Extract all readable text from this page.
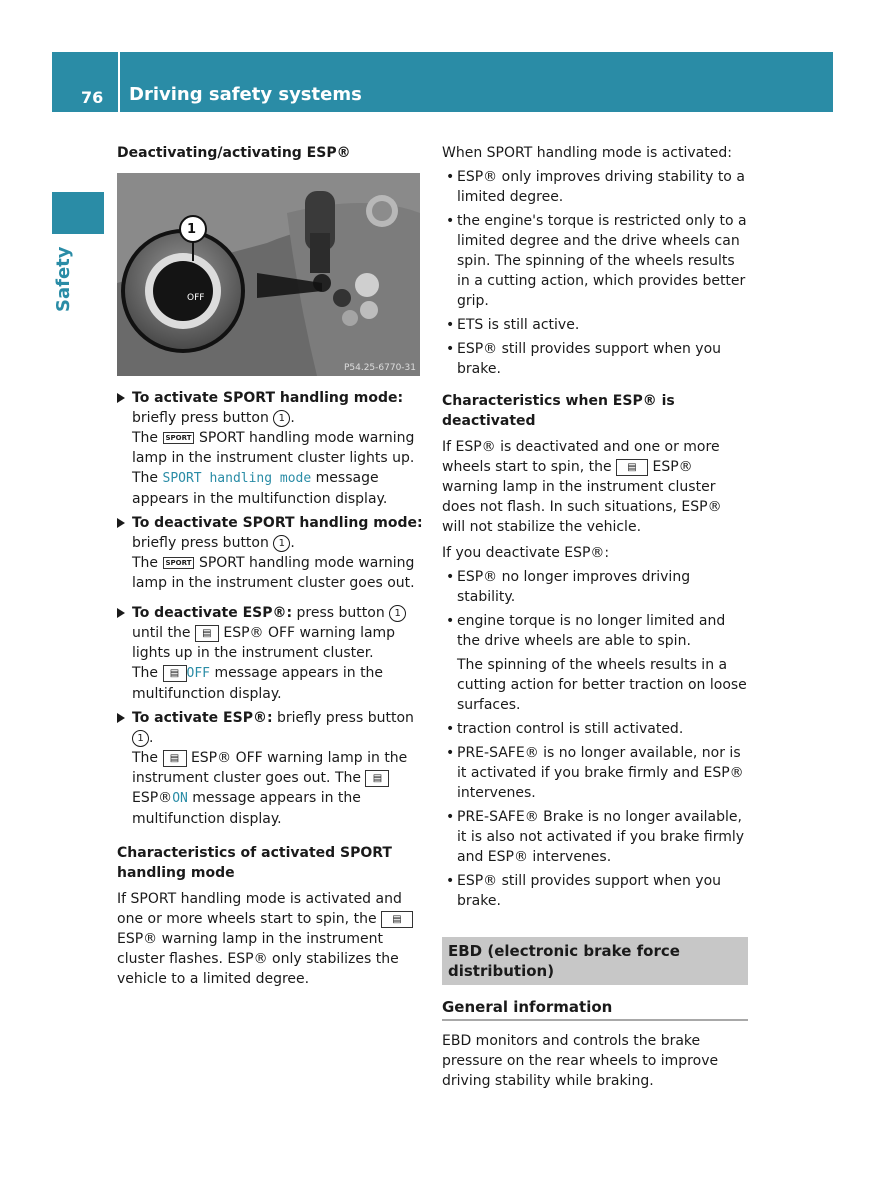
76 Driving safety systems
Safety
Deactivating/activating ESP®
1
OFF
P54.25-6770-31
To activate SPORT handling mode:
briefly press button 1 .
The SPORT SPORT handling mode warning lamp in the instrument cluster lights up.
The SPORT handling mode message appears in the multifunction display.
To deactivate SPORT handling mode:
briefly press button 1 .
The SPORT SPORT handling mode warning lamp in the instrument cluster goes out.
To deactivate ESP®: press button 1 until the ▤ ESP® OFF warning lamp lights up in the instrument cluster.
The ▤ OFF message appears in the multifunction display.
To activate ESP®: briefly press button 1 .
The ▤ ESP® OFF warning lamp in the instrument cluster goes out. The ▤
ESP®ON message appears in the multifunction display.
Characteristics of activated SPORT handling mode

If SPORT handling mode is activated and one or more wheels start to spin, the ▤ ESP® warning lamp in the instrument cluster flashes. ESP® only stabilizes the vehicle to a limited degree.

When SPORT handling mode is activated:

• ESP® only improves driving stability to a limited degree.
• the engine's torque is restricted only to a limited degree and the drive wheels can spin. The spinning of the wheels results in a cutting action, which provides better grip.
• ETS is still active.
• ESP® still provides support when you brake.
Characteristics when ESP® is deactivated

If ESP® is deactivated and one or more wheels start to spin, the ▤ ESP® warning lamp in the instrument cluster does not flash. In such situations, ESP® will not stabilize the vehicle.

If you deactivate ESP®:

• ESP® no longer improves driving stability.
• engine torque is no longer limited and the drive wheels are able to spin.

The spinning of the wheels results in a cutting action for better traction on loose surfaces.

• traction control is still activated.
• PRE-SAFE® is no longer available, nor is it activated if you brake firmly and ESP® intervenes.
• PRE-SAFE® Brake is no longer available, it is also not activated if you brake firmly and ESP® intervenes.
• ESP® still provides support when you brake.
EBD (electronic brake force distribution)
General information

EBD monitors and controls the brake pressure on the rear wheels to improve driving stability while braking.
